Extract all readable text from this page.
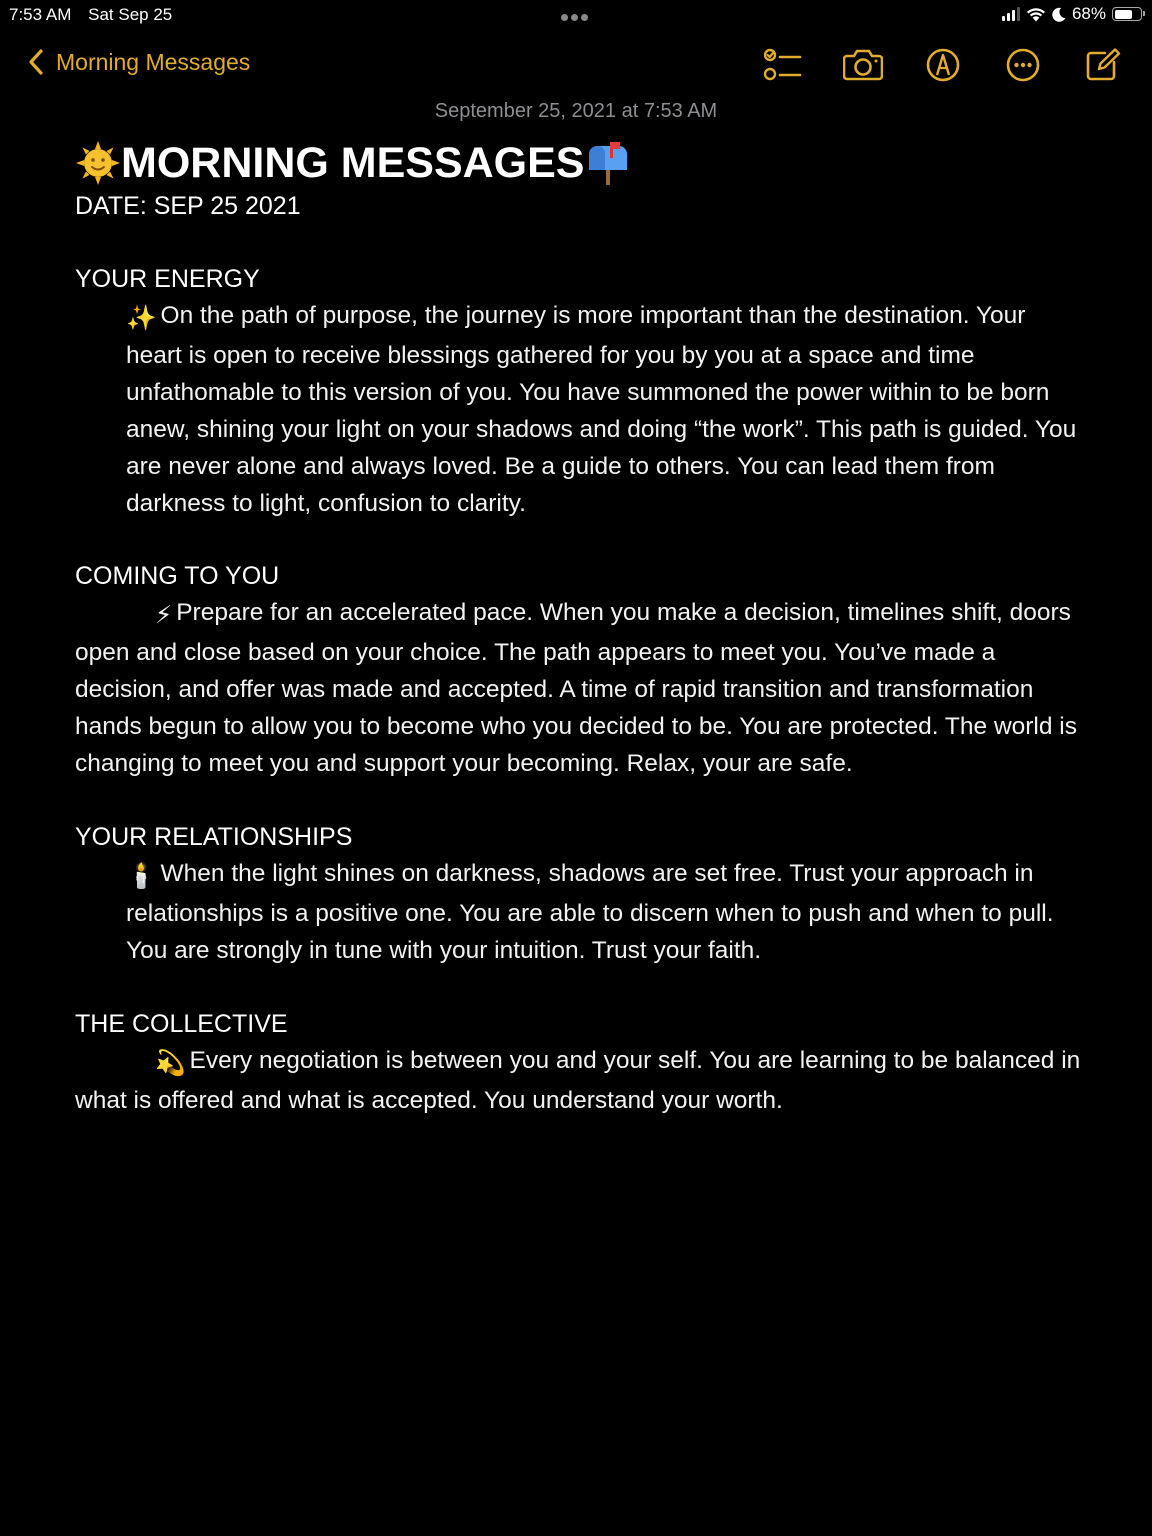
7:53 AM Sat Sep 25	68%
Morning Messages
September 25, 2021 at 7:53 AM
MORNING MESSAGES
DATE: SEP 25 2021
YOUR ENERGY
✨ On the path of purpose, the journey is more important than the destination. Your heart is open to receive blessings gathered for you by you at a space and time unfathomable to this version of you. You have summoned the power within to be born anew, shining your light on your shadows and doing “the work”. This path is guided. You are never alone and always loved. Be a guide to others. You can lead them from darkness to light, confusion to clarity.
COMING TO YOU
⚡ Prepare for an accelerated pace. When you make a decision, timelines shift, doors open and close based on your choice. The path appears to meet you. You’ve made a decision, and offer was made and accepted. A time of rapid transition and transformation hands begun to allow you to become who you decided to be. You are protected. The world is changing to meet you and support your becoming. Relax, your are safe.
YOUR RELATIONSHIPS
🕯️ When the light shines on darkness, shadows are set free. Trust your approach in relationships is a positive one. You are able to discern when to push and when to pull. You are strongly in tune with your intuition. Trust your faith.
THE COLLECTIVE
💫 Every negotiation is between you and your self. You are learning to be balanced in what is offered and what is accepted. You understand your worth.
